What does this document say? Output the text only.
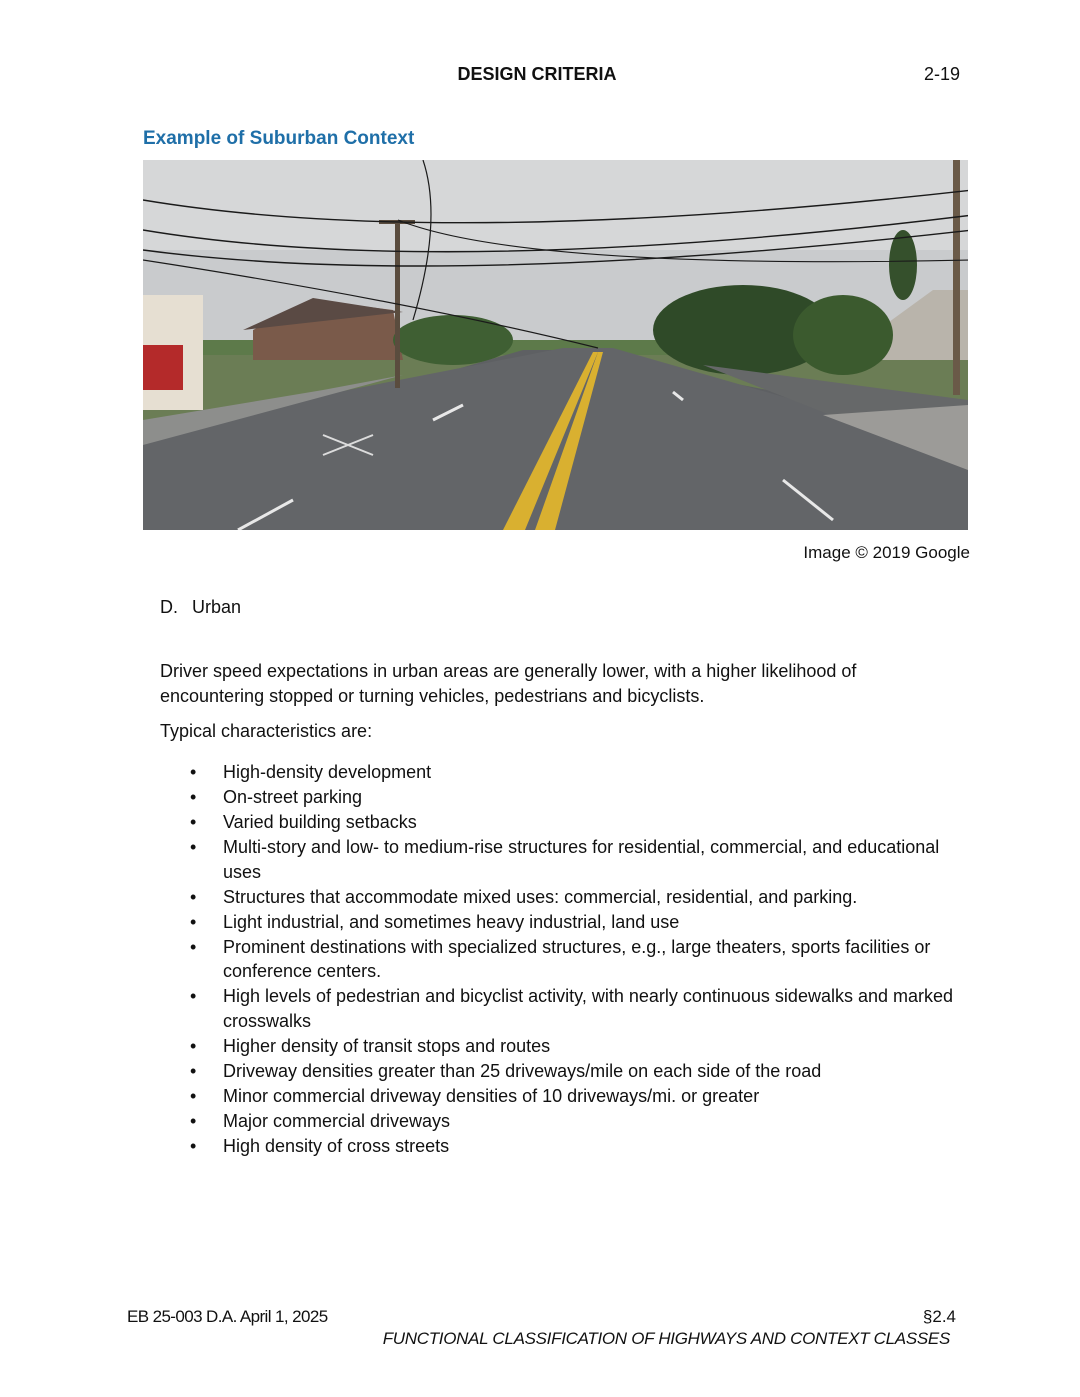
DESIGN CRITERIA	2-19
Example of Suburban Context
Image © 2019 Google
D. Urban
Driver speed expectations in urban areas are generally lower, with a higher likelihood of encountering stopped or turning vehicles, pedestrians and bicyclists.
Typical characteristics are:
• High-density development
• On-street parking
• Varied building setbacks
• Multi-story and low- to medium-rise structures for residential, commercial, and educational uses
• Structures that accommodate mixed uses: commercial, residential, and parking.
• Light industrial, and sometimes heavy industrial, land use
• Prominent destinations with specialized structures, e.g., large theaters, sports facilities or conference centers.
• High levels of pedestrian and bicyclist activity, with nearly continuous sidewalks and marked crosswalks
• Higher density of transit stops and routes
• Driveway densities greater than 25 driveways/mile on each side of the road
• Minor commercial driveway densities of 10 driveways/mi. or greater
• Major commercial driveways
• High density of cross streets
EB 25-003 D.A. April 1, 2025	§2.4
FUNCTIONAL CLASSIFICATION OF HIGHWAYS AND CONTEXT CLASSES
